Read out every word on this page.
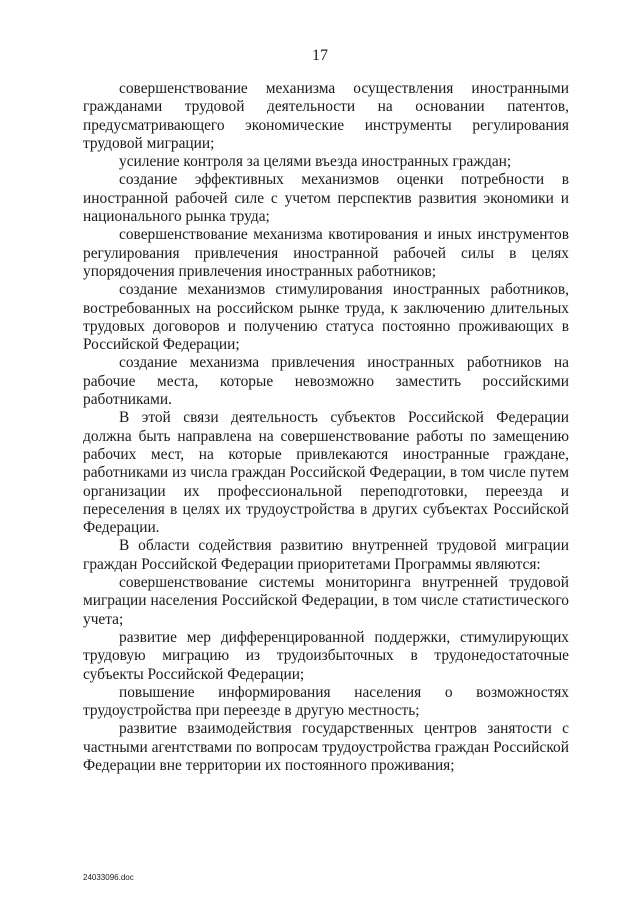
17

совершенствование механизма осуществления иностранными гражданами трудовой деятельности на основании патентов, предусматривающего экономические инструменты регулирования трудовой миграции;

усиление контроля за целями въезда иностранных граждан;

создание эффективных механизмов оценки потребности в иностранной рабочей силе с учетом перспектив развития экономики и национального рынка труда;

совершенствование механизма квотирования и иных инструментов регулирования привлечения иностранной рабочей силы в целях упорядочения привлечения иностранных работников;

создание механизмов стимулирования иностранных работников, востребованных на российском рынке труда, к заключению длительных трудовых договоров и получению статуса постоянно проживающих в Российской Федерации;

создание механизма привлечения иностранных работников на рабочие места, которые невозможно заместить российскими работниками.

В этой связи деятельность субъектов Российской Федерации должна быть направлена на совершенствование работы по замещению рабочих мест, на которые привлекаются иностранные граждане, работниками из числа граждан Российской Федерации, в том числе путем организации их профессиональной переподготовки, переезда и переселения в целях их трудоустройства в других субъектах Российской Федерации.

В области содействия развитию внутренней трудовой миграции граждан Российской Федерации приоритетами Программы являются:

совершенствование системы мониторинга внутренней трудовой миграции населения Российской Федерации, в том числе статистического учета;

развитие мер дифференцированной поддержки, стимулирующих трудовую миграцию из трудоизбыточных в трудонедостаточные субъекты Российской Федерации;

повышение информирования населения о возможностях трудоустройства при переезде в другую местность;

развитие взаимодействия государственных центров занятости с частными агентствами по вопросам трудоустройства граждан Российской Федерации вне территории их постоянного проживания;

24033096.doc
